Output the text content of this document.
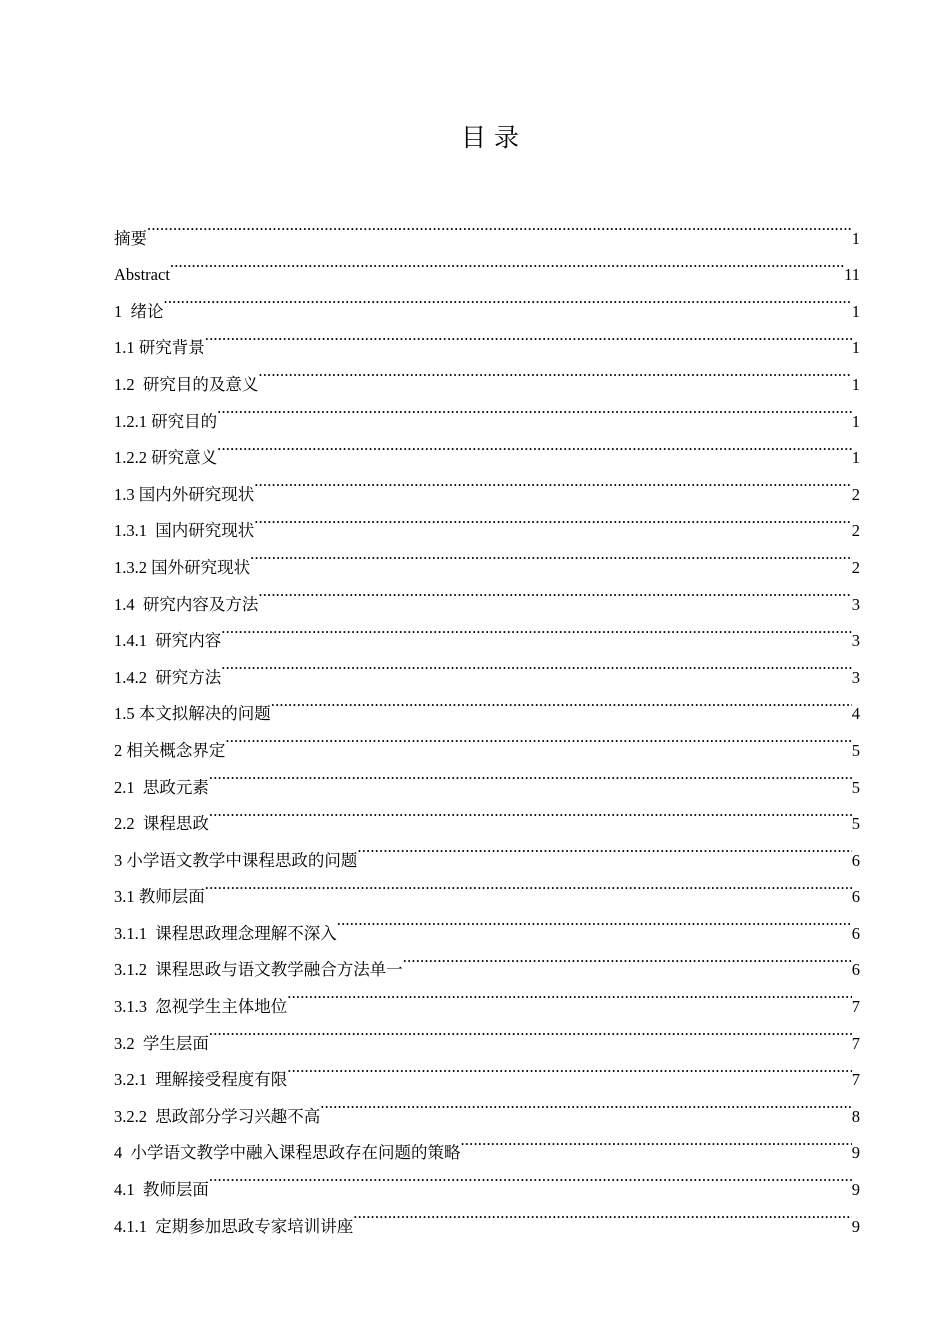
目 录
摘要 .....	1
Abstract .....	11
1  绪论 .....	1
1.1 研究背景 .....	1
1.2  研究目的及意义 .....	1
1.2.1 研究目的 .....	1
1.2.2 研究意义 .....	1
1.3 国内外研究现状 .....	2
1.3.1  国内研究现状 .....	2
1.3.2 国外研究现状 .....	2
1.4  研究内容及方法 .....	3
1.4.1  研究内容 .....	3
1.4.2  研究方法 .....	3
1.5 本文拟解决的问题 .....	4
2 相关概念界定 .....	5
2.1  思政元素 .....	5
2.2  课程思政 .....	5
3 小学语文教学中课程思政的问题 .....	6
3.1 教师层面 .....	6
3.1.1  课程思政理念理解不深入 .....	6
3.1.2  课程思政与语文教学融合方法单一 .....	6
3.1.3  忽视学生主体地位 .....	7
3.2  学生层面 .....	7
3.2.1  理解接受程度有限 .....	7
3.2.2  思政部分学习兴趣不高 .....	8
4  小学语文教学中融入课程思政存在问题的策略 .....	9
4.1  教师层面 .....	9
4.1.1  定期参加思政专家培训讲座 .....	9
